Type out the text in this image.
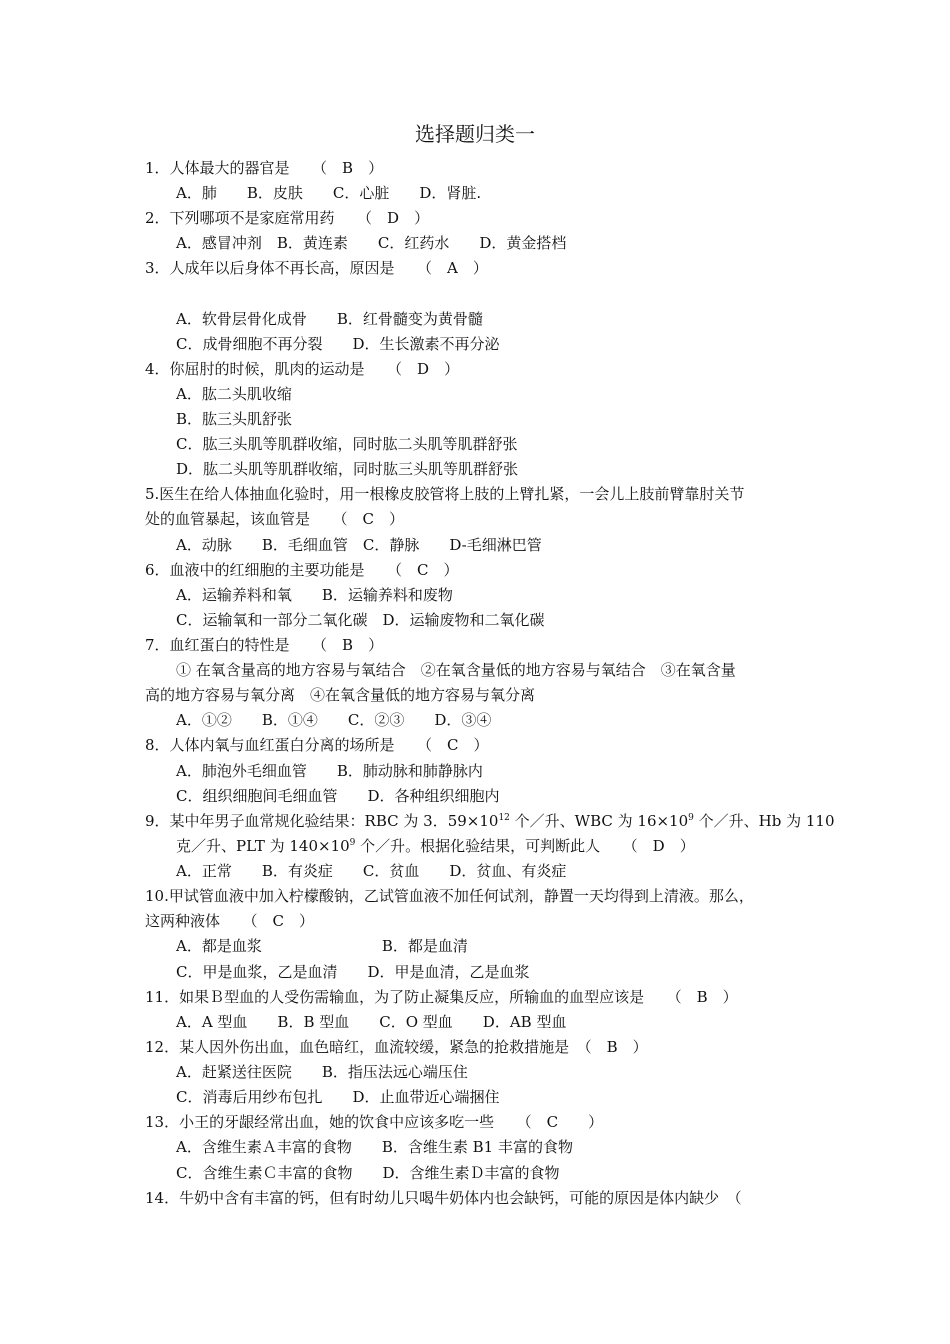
选择题归类一
1．人体最大的器官是　　（　B　）
A．肺　　B．皮肤　　C．心脏　　D．肾脏.
2．下列哪项不是家庭常用药　　（　D　）
A．感冒冲剂　B．黄连素　　C．红药水　　D．黄金搭档
3．人成年以后身体不再长高，原因是　　（　A　）
A．软骨层骨化成骨　　B．红骨髓变为黄骨髓
C．成骨细胞不再分裂　　D．生长激素不再分泌
4．你屈肘的时候，肌肉的运动是　　（　D　）
A．肱二头肌收缩
B．肱三头肌舒张
C．肱三头肌等肌群收缩，同时肱二头肌等肌群舒张
D．肱二头肌等肌群收缩，同时肱三头肌等肌群舒张
5.医生在给人体抽血化验时，用一根橡皮胶管将上肢的上臂扎紧，一会儿上肢前臂靠肘关节
处的血管暴起，该血管是　　（　C　）
A．动脉　　B．毛细血管　C．静脉　　D-毛细淋巴管
6．血液中的红细胞的主要功能是　　（　C　）
A．运输养料和氧　　B．运输养料和废物
C．运输氧和一部分二氧化碳　D．运输废物和二氧化碳
7．血红蛋白的特性是　　（　B　）
① 在氧含量高的地方容易与氧结合　②在氧含量低的地方容易与氧结合　③在氧含量
高的地方容易与氧分离　④在氧含量低的地方容易与氧分离
A．①②　　B．①④　　C．②③　　D．③④
8．人体内氧与血红蛋白分离的场所是　　（　C　）
A．肺泡外毛细血管　　B．肺动脉和肺静脉内
C．组织细胞间毛细血管　　D．各种组织细胞内
9．某中年男子血常规化验结果：RBC 为 3．$59\times 10^{12}$ 个／升、WBC 为 $16\times 10^9$ 个／升、Hb 为 110
克／升、PLT 为 $140\times 10^9$ 个／升。根据化验结果，可判断此人　　（　D　）
A．正常　　B．有炎症　　C．贫血　　D．贫血、有炎症
10.甲试管血液中加入柠檬酸钠，乙试管血液不加任何试剂，静置一天均得到上清液。那么，
这两种液体　　（　C　）
A．都是血浆　　　　　　　　B．都是血清
C．甲是血浆，乙是血清　　D．甲是血清，乙是血浆
11．如果Ｂ型血的人受伤需输血，为了防止凝集反应，所输血的血型应该是　　（　B　）
A．A 型血　　B．B 型血　　C．O 型血　　D．AB 型血
12．某人因外伤出血，血色暗红，血流较缓，紧急的抢救措施是　（　B　）
A．赶紧送往医院　　B．指压法远心端压住
C．消毒后用纱布包扎　　D．止血带近心端捆住
13．小王的牙龈经常出血，她的饮食中应该多吃一些　　（　C　　）
A．含维生素Ａ丰富的食物　　B．含维生素 B1 丰富的食物
C．含维生素Ｃ丰富的食物　　D．含维生素Ｄ丰富的食物
14．牛奶中含有丰富的钙，但有时幼儿只喝牛奶体内也会缺钙，可能的原因是体内缺少　（
